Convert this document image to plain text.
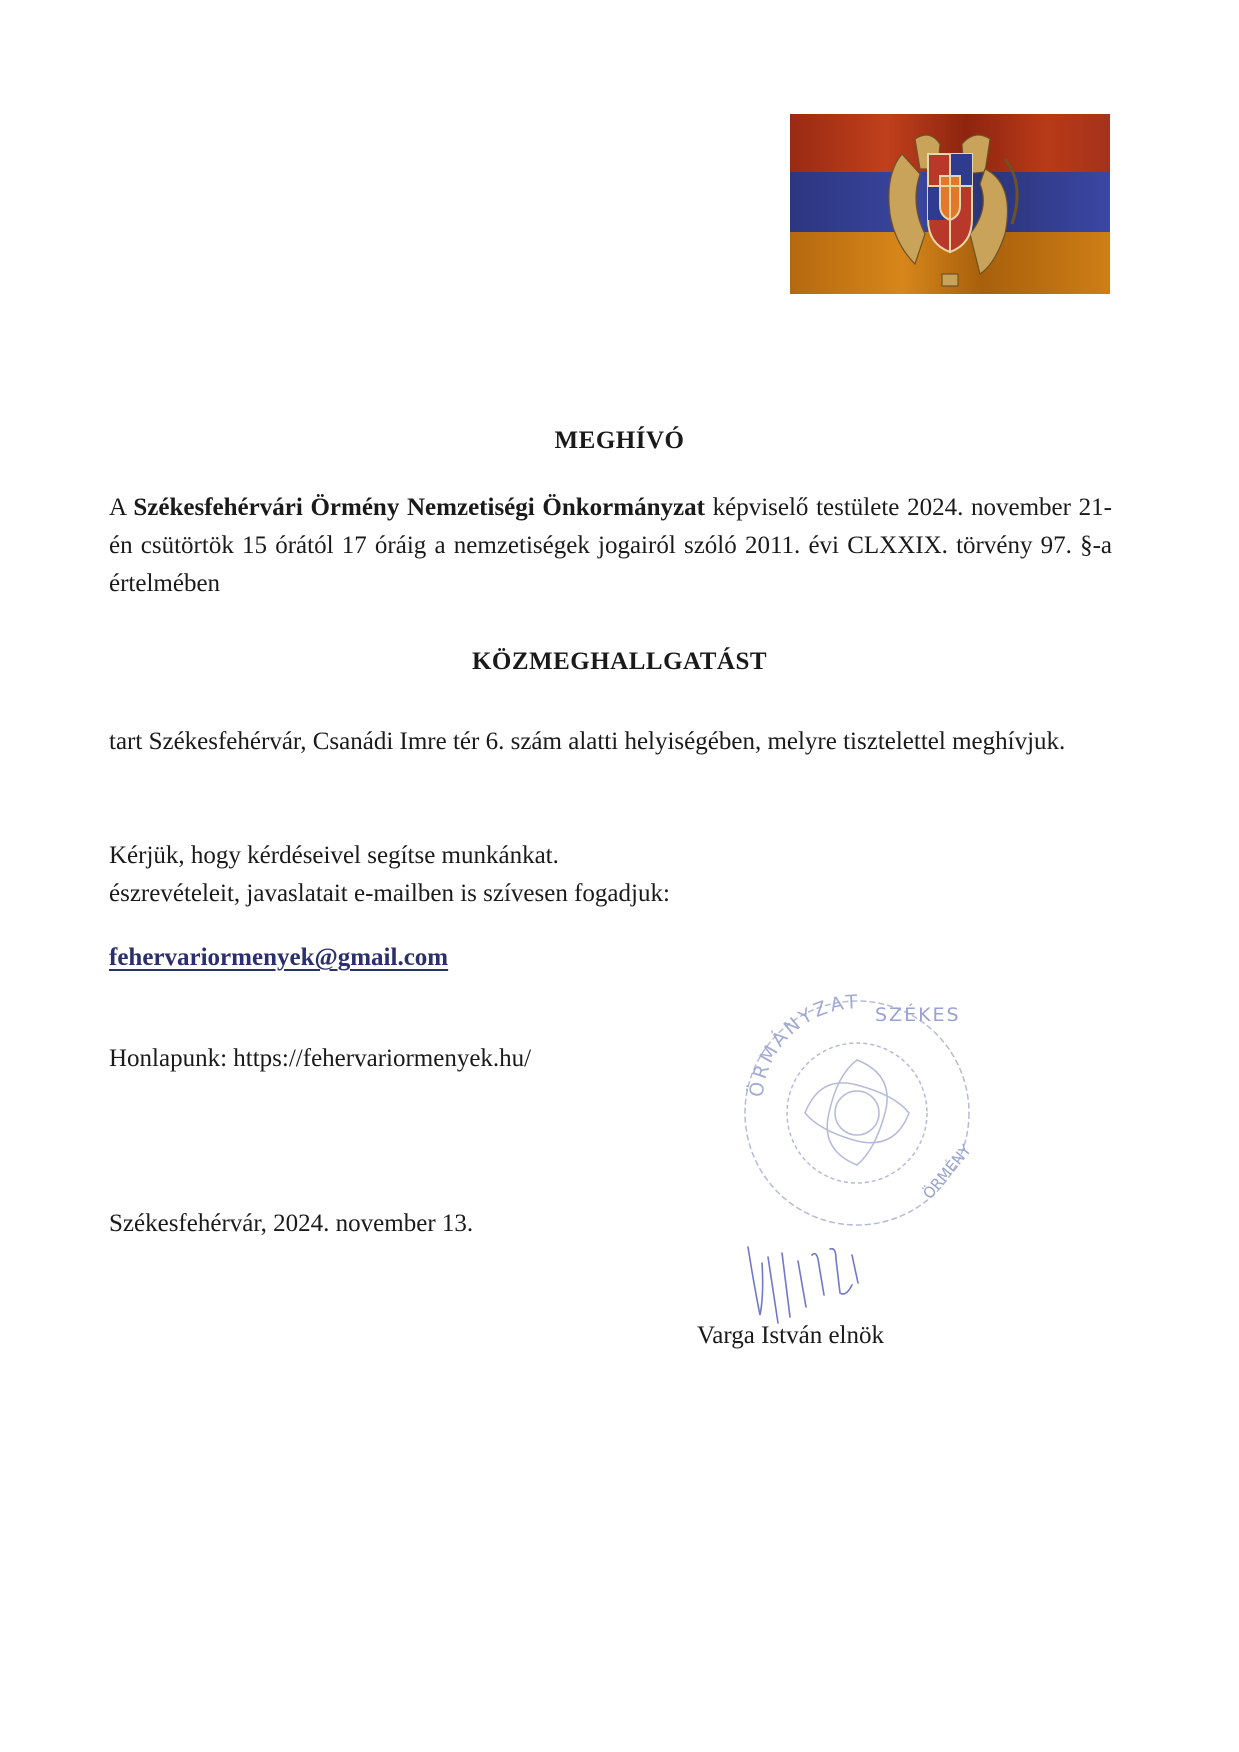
MEGHÍVÓ
A Székesfehérvári Örmény Nemzetiségi Önkormányzat képviselő testülete 2024. november 21-én csütörtök 15 órától 17 óráig a nemzetiségek jogairól szóló 2011. évi CLXXIX. törvény 97. §-a értelmében
KÖZMEGHALLGATÁST
tart Székesfehérvár, Csanádi Imre tér 6. szám alatti helyiségében, melyre tisztelettel meghívjuk.
Kérjük, hogy kérdéseivel segítse munkánkat.
észrevételeit, javaslatait e-mailben is szívesen fogadjuk:
fehervariormenyek@gmail.com
Honlapunk: https://fehervariormenyek.hu/
Székesfehérvár, 2024. november 13.
ÖRMÁNYZAT
SZÉKES
ÖRMÉNY
Varga István elnök
